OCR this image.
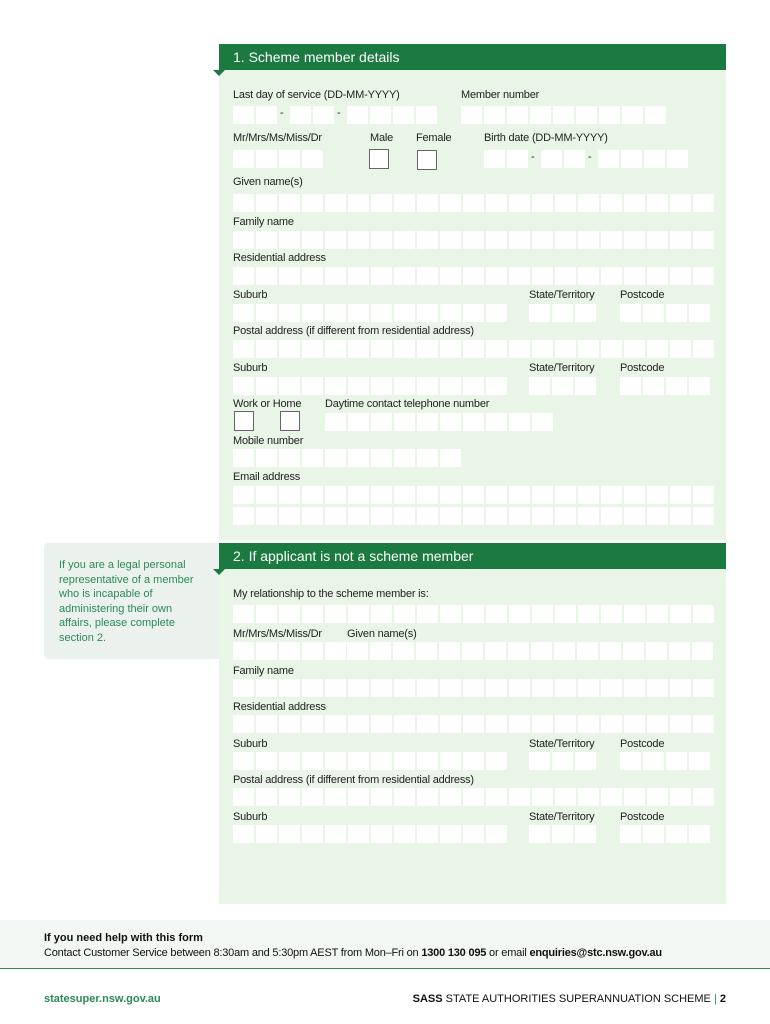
1. Scheme member details
Last day of service (DD-MM-YYYY)
-
-	Member number
Mr/Mrs/Ms/Miss/Dr	Male Female	Birth date (DD-MM-YYYY)
-
-
Given name(s)
Family name
Residential address
Suburb	State/Territory Postcode
Postal address (if different from residential address)
Suburb	State/Territory Postcode
Work or Home Daytime contact telephone number
Mobile number
Email address
If you are a legal personal representative of a member who is incapable of administering their own affairs, please complete section 2.
2. If applicant is not a scheme member
My relationship to the scheme member is:
Mr/Mrs/Ms/Miss/Dr Given name(s)
Family name
Residential address
Suburb	State/Territory Postcode
Postal address (if different from residential address)
Suburb	State/Territory Postcode
If you need help with this form
Contact Customer Service between 8:30am and 5:30pm AEST from Mon–Fri on 1300 130 095 or email enquiries@stc.nsw.gov.au
statesuper.nsw.gov.au	SASS STATE AUTHORITIES SUPERANNUATION SCHEME | 2
